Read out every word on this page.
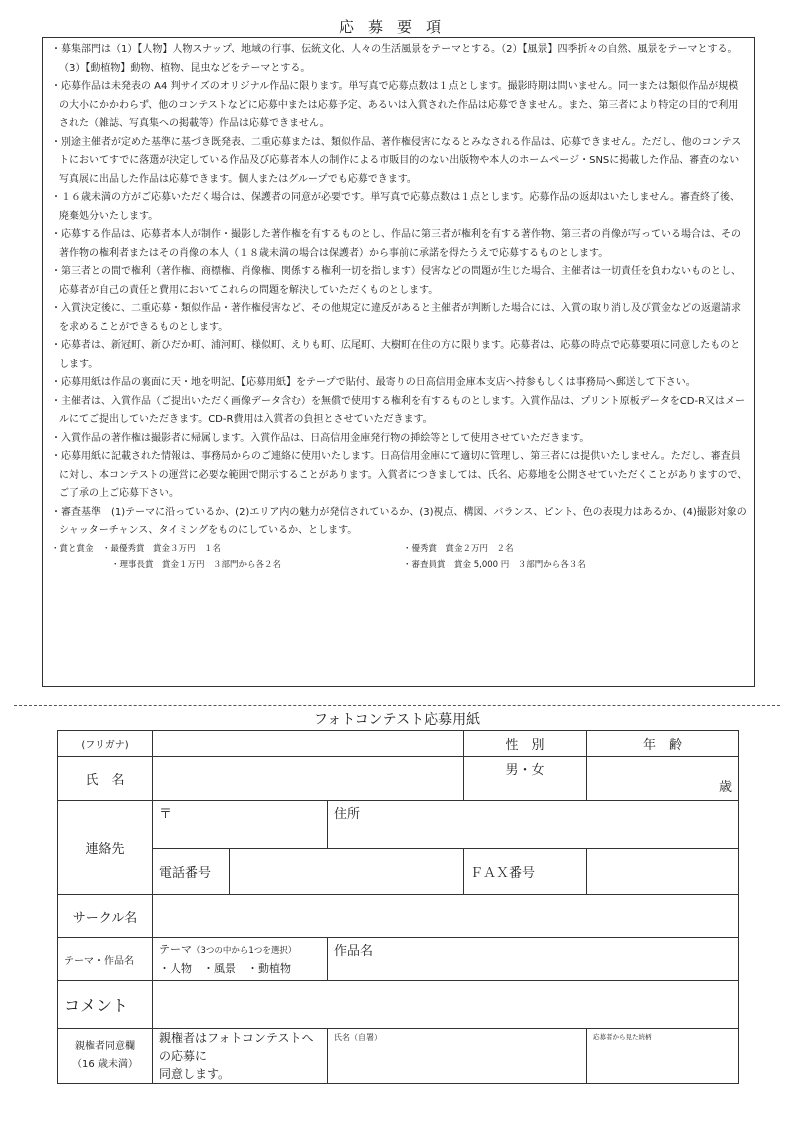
応募要項

・募集部門は（1）【人物】人物スナップ、地域の行事、伝統文化、人々の生活風景をテーマとする。（2）【風景】四季折々の自然、風景をテーマとする。（3）【動植物】動物、植物、昆虫などをテーマとする。

・応募作品は未発表の A4 判サイズのオリジナル作品に限ります。単写真で応募点数は１点とします。撮影時期は問いません。同一または類似作品が規模の大小にかかわらず、他のコンテストなどに応募中または応募予定、あるいは入賞された作品は応募できません。また、第三者により特定の目的で利用された（雑誌、写真集への掲載等）作品は応募できません。

・別途主催者が定めた基準に基づき既発表、二重応募または、類似作品、著作権侵害になるとみなされる作品は、応募できません。ただし、他のコンテストにおいてすでに落選が決定している作品及び応募者本人の制作による市販目的のない出版物や本人のホームページ・SNSに掲載した作品、審査のない写真展に出品した作品は応募できます。個人またはグループでも応募できます。

・１６歳未満の方がご応募いただく場合は、保護者の同意が必要です。単写真で応募点数は１点とします。応募作品の返却はいたしません。審査終了後、廃棄処分いたします。

・応募する作品は、応募者本人が制作・撮影した著作権を有するものとし、作品に第三者が権利を有する著作物、第三者の肖像が写っている場合は、その著作物の権利者またはその肖像の本人（１８歳未満の場合は保護者）から事前に承諾を得たうえで応募するものとします。

・第三者との間で権利（著作権、商標権、肖像権、関係する権利一切を指します）侵害などの問題が生じた場合、主催者は一切責任を負わないものとし、応募者が自己の責任と費用においてこれらの問題を解決していただくものとします。

・入賞決定後に、二重応募・類似作品・著作権侵害など、その他規定に違反があると主催者が判断した場合には、入賞の取り消し及び賞金などの返還請求を求めることができるものとします。

・応募者は、新冠町、新ひだか町、浦河町、様似町、えりも町、広尾町、大樹町在住の方に限ります。応募者は、応募の時点で応募要項に同意したものとします。

・応募用紙は作品の裏面に天・地を明記、【応募用紙】をテープで貼付、最寄りの日高信用金庫本支店へ持参もしくは事務局へ郵送して下さい。

・主催者は、入賞作品（ご提出いただく画像データ含む）を無償で使用する権利を有するものとします。入賞作品は、プリント原板データをCD-R又はメールにてご提出していただきます。CD-R費用は入賞者の負担とさせていただきます。

・入賞作品の著作権は撮影者に帰属します。入賞作品は、日高信用金庫発行物の挿絵等として使用させていただきます。

・応募用紙に記載された情報は、事務局からのご連絡に使用いたします。日高信用金庫にて適切に管理し、第三者には提供いたしません。ただし、審査員に対し、本コンテストの運営に必要な範囲で開示することがあります。入賞者につきましては、氏名、応募地を公開させていただくことがありますので、ご了承の上ご応募下さい。

・審査基準　(1)テーマに沿っているか、(2)エリア内の魅力が発信されているか、(3)視点、構図、バランス、ピント、色の表現力はあるか、(4)撮影対象のシャッターチャンス、タイミングをものにしているか、とします。

・賞と賞金　・最優秀賞　賞金３万円　１名	・優秀賞　賞金２万円　２名
・理事長賞　賞金１万円　３部門から各２名	・審査員賞　賞金 5,000 円　３部門から各３名
フォトコンテスト応募用紙
(フリガナ)				性　別	年　齢
氏　名				男・女	歳

連絡先	〒		住所		
	電話番号			ＦＡＸ番号	
サークル名					
テーマ・作品名	テーマ（3つの中から1つを選択）
・人物　・風景　・動植物		作品名		
コメント					
親権者同意欄
（16 歳未満）	親権者はフォトコンテストへの応募に
同意します。		氏名（自署）		応募者から見た続柄
